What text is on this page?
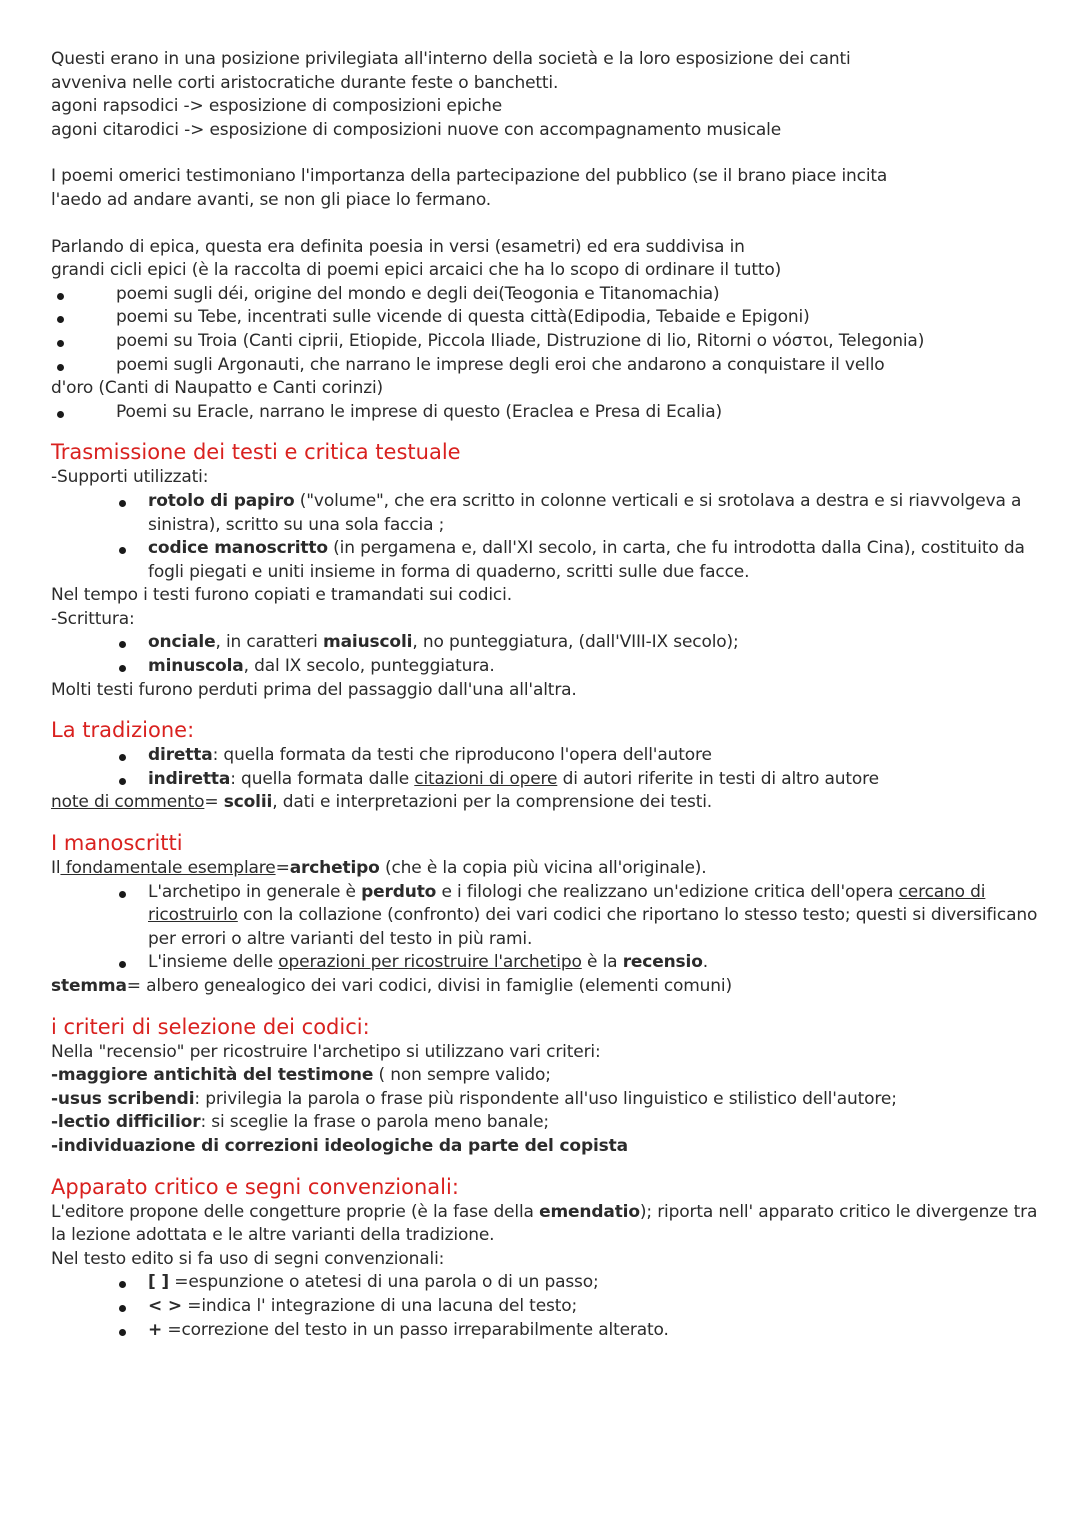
Questi erano in una posizione privilegiata all'interno della società e la loro esposizione dei canti

avveniva nelle corti aristocratiche durante feste o banchetti.

agoni rapsodici -> esposizione di composizioni epiche

agoni citarodici -> esposizione di composizioni nuove con accompagnamento musicale

I poemi omerici testimoniano l'importanza della partecipazione del pubblico (se il brano piace incita

l'aedo ad andare avanti, se non gli piace lo fermano.

Parlando di epica, questa era definita poesia in versi (esametri) ed era suddivisa in

grandi cicli epici (è la raccolta di poemi epici arcaici che ha lo scopo di ordinare il tutto)

poemi sugli déi, origine del mondo e degli dei(Teogonia e Titanomachia)
poemi su Tebe, incentrati sulle vicende di questa città(Edipodia, Tebaide e Epigoni)
poemi su Troia (Canti ciprii, Etiopide, Piccola Iliade, Distruzione di lio, Ritorni o νόστοι, Telegonia)
poemi sugli Argonauti, che narrano le imprese degli eroi che andarono a conquistare il vello

d'oro (Canti di Naupatto e Canti corinzi)

Poemi su Eracle, narrano le imprese di questo (Eraclea e Presa di Ecalia)

Trasmissione dei testi e critica testuale

-Supporti utilizzati:

rotolo di papiro ("volume", che era scritto in colonne verticali e si srotolava a destra e si riavvolgeva a sinistra), scritto su una sola faccia ;
codice manoscritto (in pergamena e, dall'XI secolo, in carta, che fu introdotta dalla Cina), costituito da fogli piegati e uniti insieme in forma di quaderno, scritti sulle due facce.

Nel tempo i testi furono copiati e tramandati sui codici.

-Scrittura:

onciale, in caratteri maiuscoli, no punteggiatura, (dall'VIII-IX secolo);
minuscola, dal IX secolo, punteggiatura.

Molti testi furono perduti prima del passaggio dall'una all'altra.

La tradizione:

diretta: quella formata da testi che riproducono l'opera dell'autore
indiretta: quella formata dalle citazioni di opere di autori riferite in testi di altro autore

note di commento= scolii, dati e interpretazioni per la comprensione dei testi.

I manoscritti

Il fondamentale esemplare=archetipo (che è la copia più vicina all'originale).

L'archetipo in generale è perduto e i filologi che realizzano un'edizione critica dell'opera cercano di ricostruirlo con la collazione (confronto) dei vari codici che riportano lo stesso testo; questi si diversificano per errori o altre varianti del testo in più rami.
L'insieme delle operazioni per ricostruire l'archetipo è la recensio.

stemma= albero genealogico dei vari codici, divisi in famiglie (elementi comuni)

i criteri di selezione dei codici:

Nella "recensio" per ricostruire l'archetipo si utilizzano vari criteri:

-maggiore antichità del testimone ( non sempre valido;

-usus scribendi: privilegia la parola o frase più rispondente all'uso linguistico e stilistico dell'autore;

-lectio difficilior: si sceglie la frase o parola meno banale;

-individuazione di correzioni ideologiche da parte del copista

Apparato critico e segni convenzionali:

L'editore propone delle congetture proprie (è la fase della emendatio); riporta nell' apparato critico le divergenze tra la lezione adottata e le altre varianti della tradizione.

Nel testo edito si fa uso di segni convenzionali:

[ ] =espunzione o atetesi di una parola o di un passo;
< > =indica l' integrazione di una lacuna del testo;
+ =correzione del testo in un passo irreparabilmente alterato.
